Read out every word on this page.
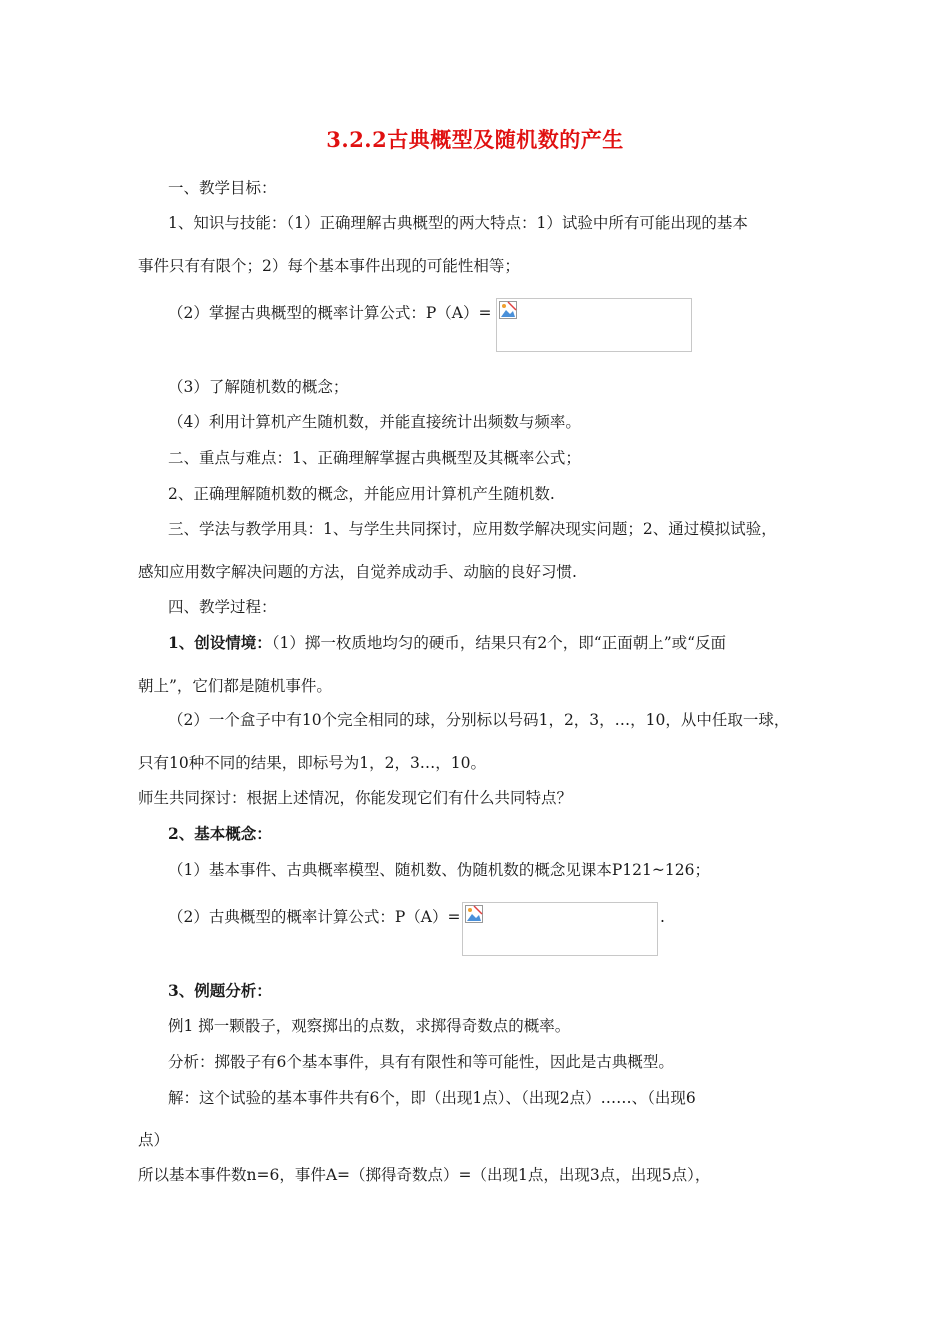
3.2.2古典概型及随机数的产生
一、教学目标：
1、知识与技能：（1）正确理解古典概型的两大特点：1）试验中所有可能出现的基本
事件只有有限个；2）每个基本事件出现的可能性相等；
（2）掌握古典概型的概率计算公式：P（A）=
（3）了解随机数的概念；
（4）利用计算机产生随机数，并能直接统计出频数与频率。
二、重点与难点：1、正确理解掌握古典概型及其概率公式；
2、正确理解随机数的概念，并能应用计算机产生随机数.
三、学法与教学用具：1、与学生共同探讨，应用数学解决现实问题；2、通过模拟试验，
感知应用数字解决问题的方法，自觉养成动手、动脑的良好习惯.
四、教学过程：
1、创设情境：（1）掷一枚质地均匀的硬币，结果只有2个，即“正面朝上”或“反面
朝上”，它们都是随机事件。
（2）一个盒子中有10个完全相同的球，分别标以号码1，2，3，…，10，从中任取一球，
只有10种不同的结果，即标号为1，2，3…，10。
师生共同探讨：根据上述情况，你能发现它们有什么共同特点？
2、基本概念：
（1）基本事件、古典概率模型、随机数、伪随机数的概念见课本P121~126；
（2）古典概型的概率计算公式：P（A）=	.
3、例题分析：
例1 掷一颗骰子，观察掷出的点数，求掷得奇数点的概率。
分析：掷骰子有6个基本事件，具有有限性和等可能性，因此是古典概型。
解：这个试验的基本事件共有6个，即（出现1点）、（出现2点）……、（出现6
点）
所以基本事件数n=6，事件A=（掷得奇数点）=（出现1点，出现3点，出现5点），
